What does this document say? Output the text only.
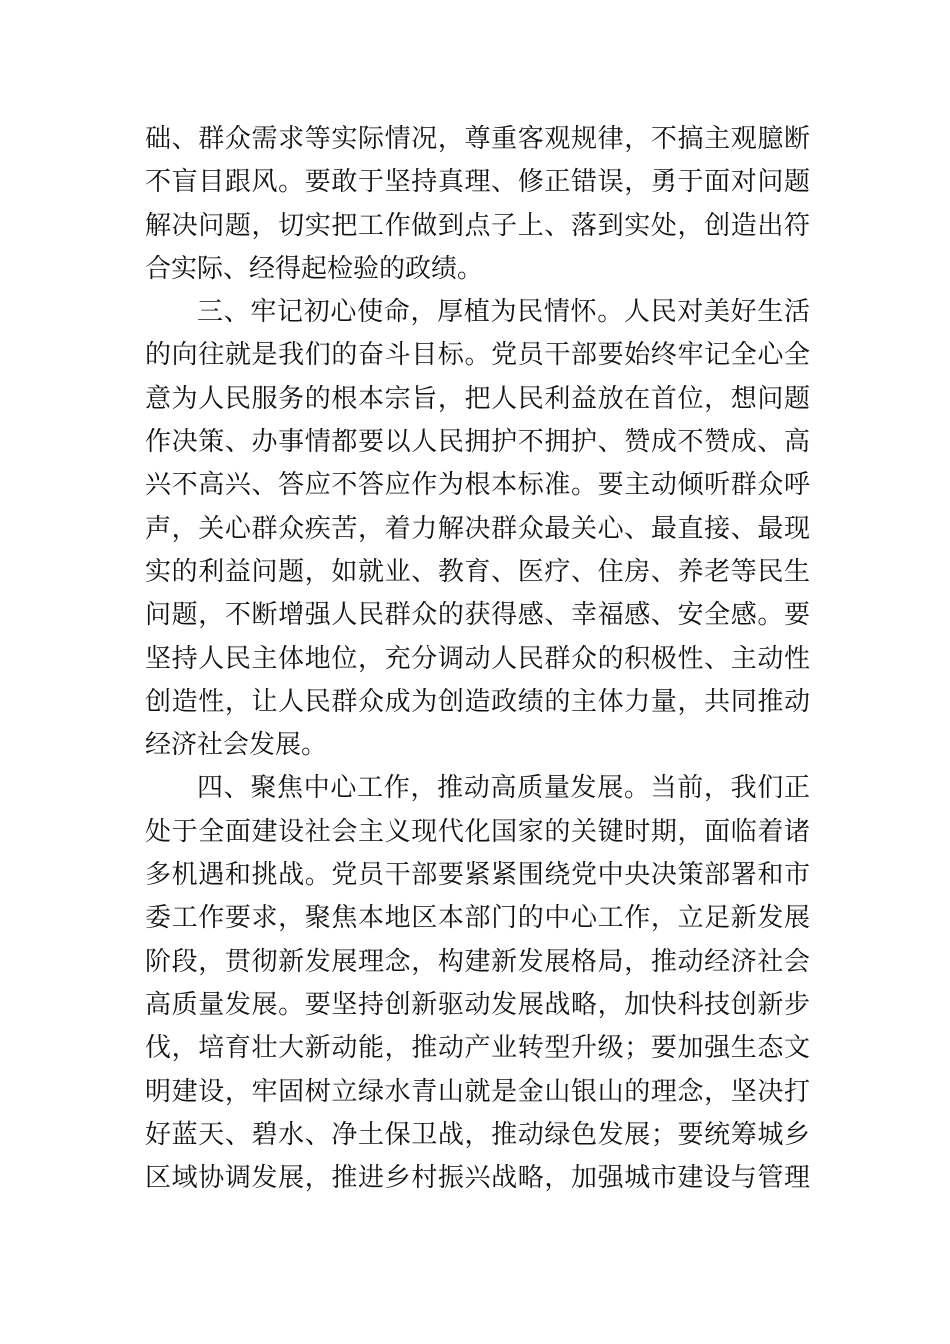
础、群众需求等实际情况，尊重客观规律，不搞主观臆断
不盲目跟风。要敢于坚持真理、修正错误，勇于面对问题
解决问题，切实把工作做到点子上、落到实处，创造出符
合实际、经得起检验的政绩。
三、牢记初心使命，厚植为民情怀。人民对美好生活
的向往就是我们的奋斗目标。党员干部要始终牢记全心全
意为人民服务的根本宗旨，把人民利益放在首位，想问题
作决策、办事情都要以人民拥护不拥护、赞成不赞成、高
兴不高兴、答应不答应作为根本标准。要主动倾听群众呼
声，关心群众疾苦，着力解决群众最关心、最直接、最现
实的利益问题，如就业、教育、医疗、住房、养老等民生
问题，不断增强人民群众的获得感、幸福感、安全感。要
坚持人民主体地位，充分调动人民群众的积极性、主动性
创造性，让人民群众成为创造政绩的主体力量，共同推动
经济社会发展。
四、聚焦中心工作，推动高质量发展。当前，我们正
处于全面建设社会主义现代化国家的关键时期，面临着诸
多机遇和挑战。党员干部要紧紧围绕党中央决策部署和市
委工作要求，聚焦本地区本部门的中心工作，立足新发展
阶段，贯彻新发展理念，构建新发展格局，推动经济社会
高质量发展。要坚持创新驱动发展战略，加快科技创新步
伐，培育壮大新动能，推动产业转型升级；要加强生态文
明建设，牢固树立绿水青山就是金山银山的理念，坚决打
好蓝天、碧水、净土保卫战，推动绿色发展；要统筹城乡
区域协调发展，推进乡村振兴战略，加强城市建设与管理
